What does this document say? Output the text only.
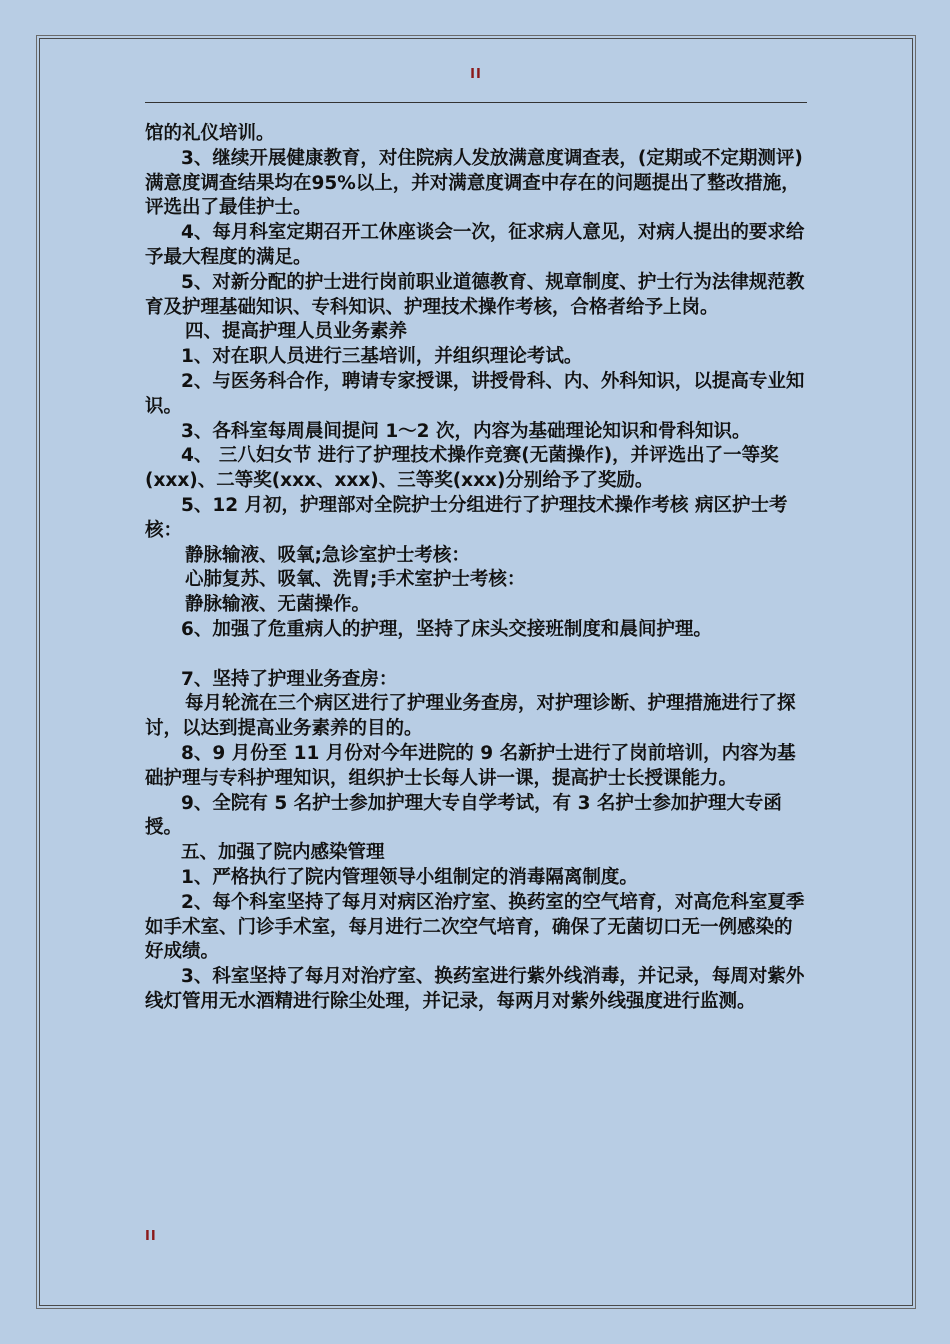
II

馆的礼仪培训。

3、继续开展健康教育，对住院病人发放满意度调查表，(定期或不定期测评)满意度调查结果均在95%以上，并对满意度调查中存在的问题提出了整改措施，评选出了最佳护士。

4、每月科室定期召开工休座谈会一次，征求病人意见，对病人提出的要求给予最大程度的满足。

5、对新分配的护士进行岗前职业道德教育、规章制度、护士行为法律规范教育及护理基础知识、专科知识、护理技术操作考核，合格者给予上岗。

四、提高护理人员业务素养

1、对在职人员进行三基培训，并组织理论考试。

2、与医务科合作，聘请专家授课，讲授骨科、内、外科知识，以提高专业知识。

3、各科室每周晨间提问 1～2 次，内容为基础理论知识和骨科知识。

4、 三八妇女节 进行了护理技术操作竞赛(无菌操作)，并评选出了一等奖(xxx)、二等奖(xxx、xxx)、三等奖(xxx)分别给予了奖励。

5、12 月初，护理部对全院护士分组进行了护理技术操作考核 病区护士考核：

静脉输液、吸氧;急诊室护士考核：

心肺复苏、吸氧、洗胃;手术室护士考核：

静脉输液、无菌操作。

6、加强了危重病人的护理，坚持了床头交接班制度和晨间护理。

7、坚持了护理业务查房：

每月轮流在三个病区进行了护理业务查房，对护理诊断、护理措施进行了探讨，以达到提高业务素养的目的。

8、9 月份至 11 月份对今年进院的 9 名新护士进行了岗前培训，内容为基础护理与专科护理知识，组织护士长每人讲一课，提高护士长授课能力。

9、全院有 5 名护士参加护理大专自学考试，有 3 名护士参加护理大专函授。

五、加强了院内感染管理

1、严格执行了院内管理领导小组制定的消毒隔离制度。

2、每个科室坚持了每月对病区治疗室、换药室的空气培育，对高危科室夏季如手术室、门诊手术室，每月进行二次空气培育，确保了无菌切口无一例感染的好成绩。

3、科室坚持了每月对治疗室、换药室进行紫外线消毒，并记录，每周对紫外线灯管用无水酒精进行除尘处理，并记录，每两月对紫外线强度进行监测。

II
